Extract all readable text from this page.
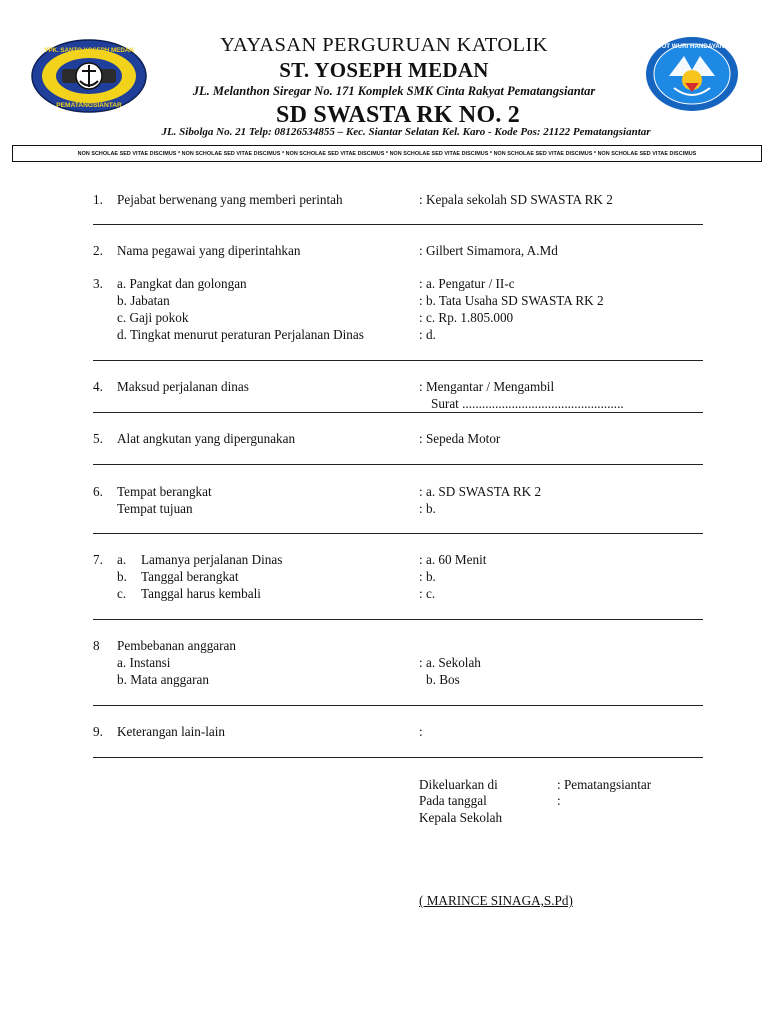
YPK. SANTO YOSEPH MEDAN
PEMATANGSIANTAR
TUT WURI HANDAYANI
YAYASAN PERGURUAN KATOLIK
ST. YOSEPH MEDAN
JL. Melanthon Siregar No. 171 Komplek SMK Cinta Rakyat Pematangsiantar
SD SWASTA RK NO. 2
JL. Sibolga No. 21 Telp: 08126534855 – Kec. Siantar Selatan Kel. Karo - Kode Pos: 21122 Pematangsiantar
NON SCHOLAE SED VITAE DISCIMUS * NON SCHOLAE SED VITAE DISCIMUS * NON SCHOLAE SED VITAE DISCIMUS * NON SCHOLAE SED VITAE DISCIMUS * NON SCHOLAE SED VITAE DISCIMUS * NON SCHOLAE SED VITAE DISCIMUS
1. Pejabat berwenang yang memberi perintah	: Kepala sekolah SD SWASTA RK 2
2. Nama pegawai yang diperintahkan	: Gilbert Simamora, A.Md
3. a. Pangkat dan golongan	: a. Pengatur / II-c
b. Jabatan	: b. Tata Usaha SD SWASTA RK 2
c. Gaji pokok	: c. Rp. 1.805.000
d. Tingkat menurut peraturan Perjalanan Dinas	: d.
4. Maksud perjalanan dinas	: Mengantar / Mengambil
Surat .................................................
5. Alat angkutan yang dipergunakan	: Sepeda Motor
6. Tempat berangkat	: a. SD SWASTA RK 2
Tempat tujuan	: b.
7. a. Lamanya perjalanan Dinas	: a. 60 Menit
b. Tanggal berangkat	: b.
c. Tanggal harus kembali	: c.
8 Pembebanan anggaran
a. Instansi	: a. Sekolah
b. Mata anggaran	b. Bos
9. Keterangan lain-lain	:
Dikeluarkan di	: Pematangsiantar
Pada tanggal	:
Kepala Sekolah
( MARINCE SINAGA,S.Pd)
